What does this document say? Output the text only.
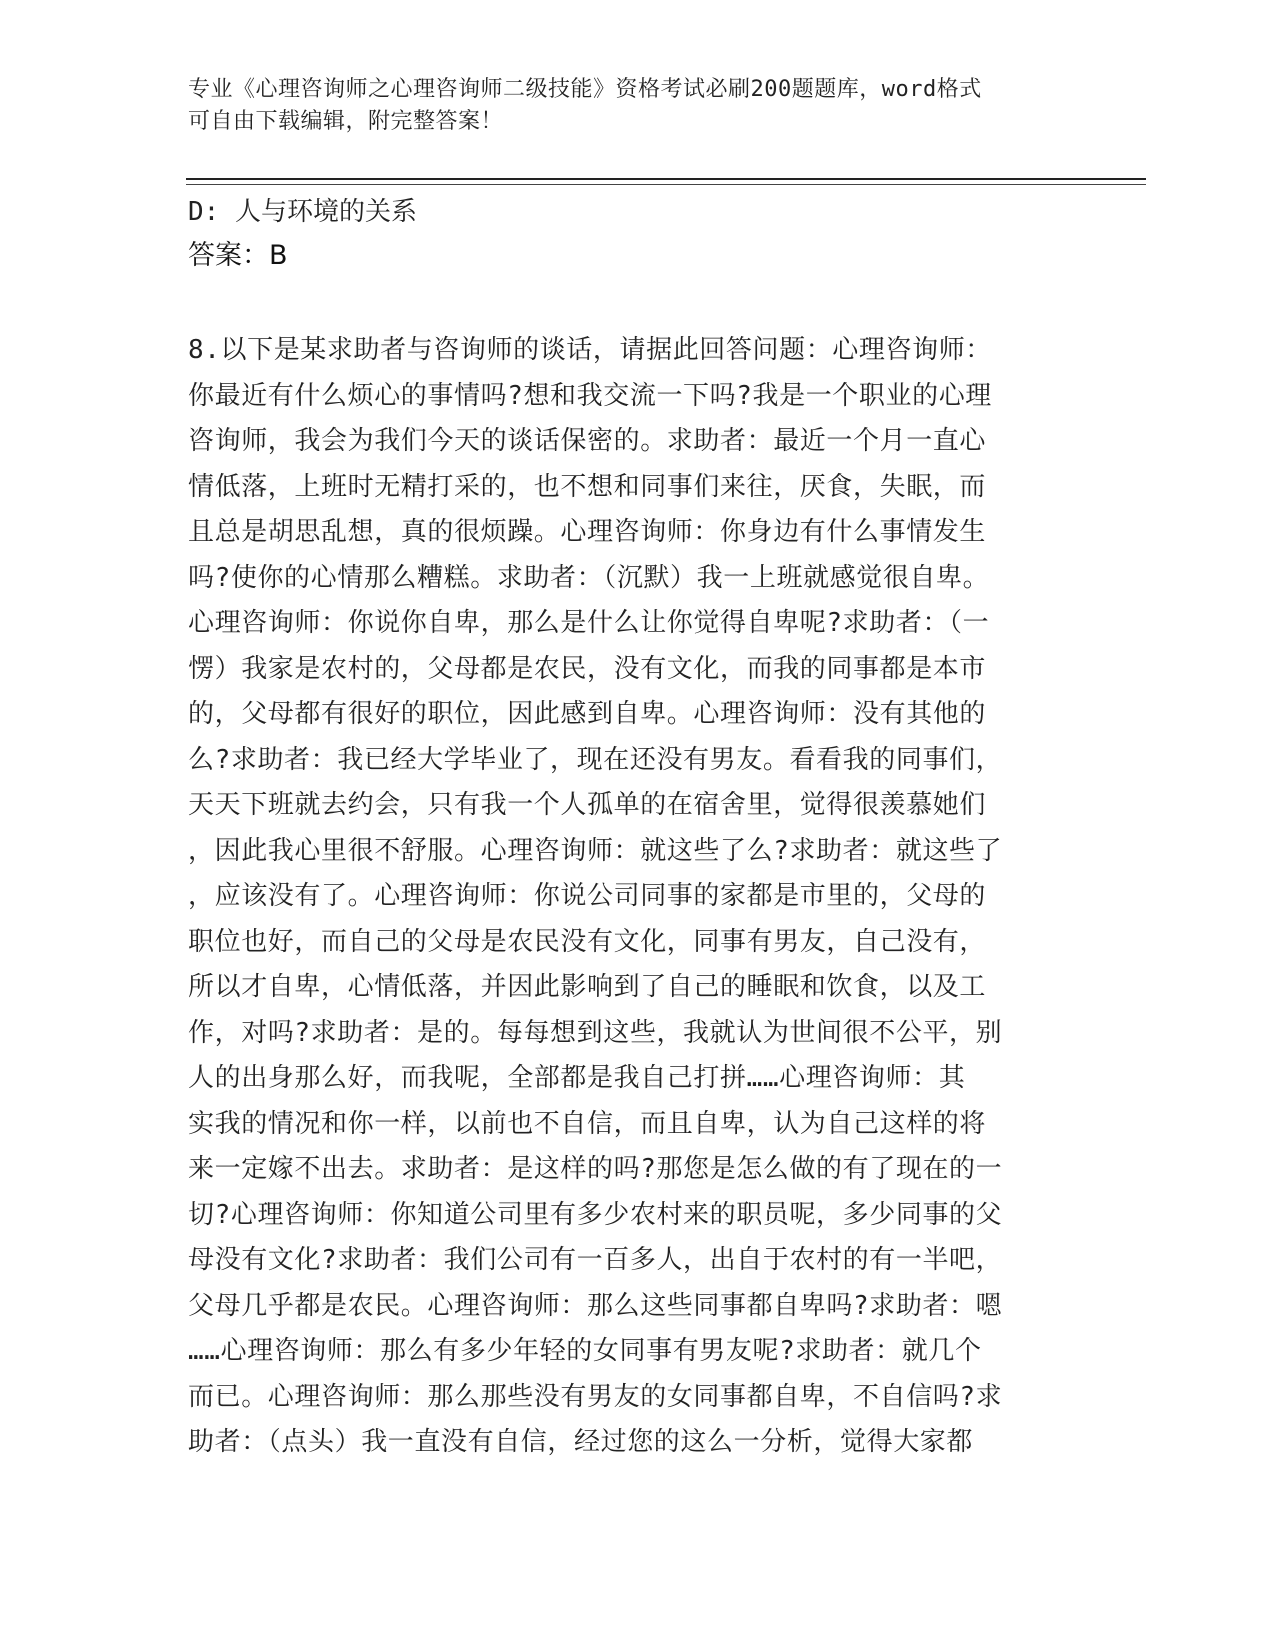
专业《心理咨询师之心理咨询师二级技能》资格考试必刷200题题库，word格式
可自由下载编辑，附完整答案！
D: 人与环境的关系
答案：B
8.以下是某求助者与咨询师的谈话，请据此回答问题：心理咨询师：
你最近有什么烦心的事情吗?想和我交流一下吗?我是一个职业的心理
咨询师，我会为我们今天的谈话保密的。求助者：最近一个月一直心
情低落，上班时无精打采的，也不想和同事们来往，厌食，失眠，而
且总是胡思乱想，真的很烦躁。心理咨询师：你身边有什么事情发生
吗?使你的心情那么糟糕。求助者：（沉默）我一上班就感觉很自卑。
心理咨询师：你说你自卑，那么是什么让你觉得自卑呢?求助者：（一
愣）我家是农村的，父母都是农民，没有文化，而我的同事都是本市
的，父母都有很好的职位，因此感到自卑。心理咨询师：没有其他的
么?求助者：我已经大学毕业了，现在还没有男友。看看我的同事们，
天天下班就去约会，只有我一个人孤单的在宿舍里，觉得很羡慕她们
，因此我心里很不舒服。心理咨询师：就这些了么?求助者：就这些了
，应该没有了。心理咨询师：你说公司同事的家都是市里的，父母的
职位也好，而自己的父母是农民没有文化，同事有男友，自己没有，
所以才自卑，心情低落，并因此影响到了自己的睡眠和饮食，以及工
作，对吗?求助者：是的。每每想到这些，我就认为世间很不公平，别
人的出身那么好，而我呢，全部都是我自己打拼……心理咨询师：其
实我的情况和你一样，以前也不自信，而且自卑，认为自己这样的将
来一定嫁不出去。求助者：是这样的吗?那您是怎么做的有了现在的一
切?心理咨询师：你知道公司里有多少农村来的职员呢，多少同事的父
母没有文化?求助者：我们公司有一百多人，出自于农村的有一半吧，
父母几乎都是农民。心理咨询师：那么这些同事都自卑吗?求助者：嗯
……心理咨询师：那么有多少年轻的女同事有男友呢?求助者：就几个
而已。心理咨询师：那么那些没有男友的女同事都自卑，不自信吗?求
助者：（点头）我一直没有自信，经过您的这么一分析，觉得大家都
